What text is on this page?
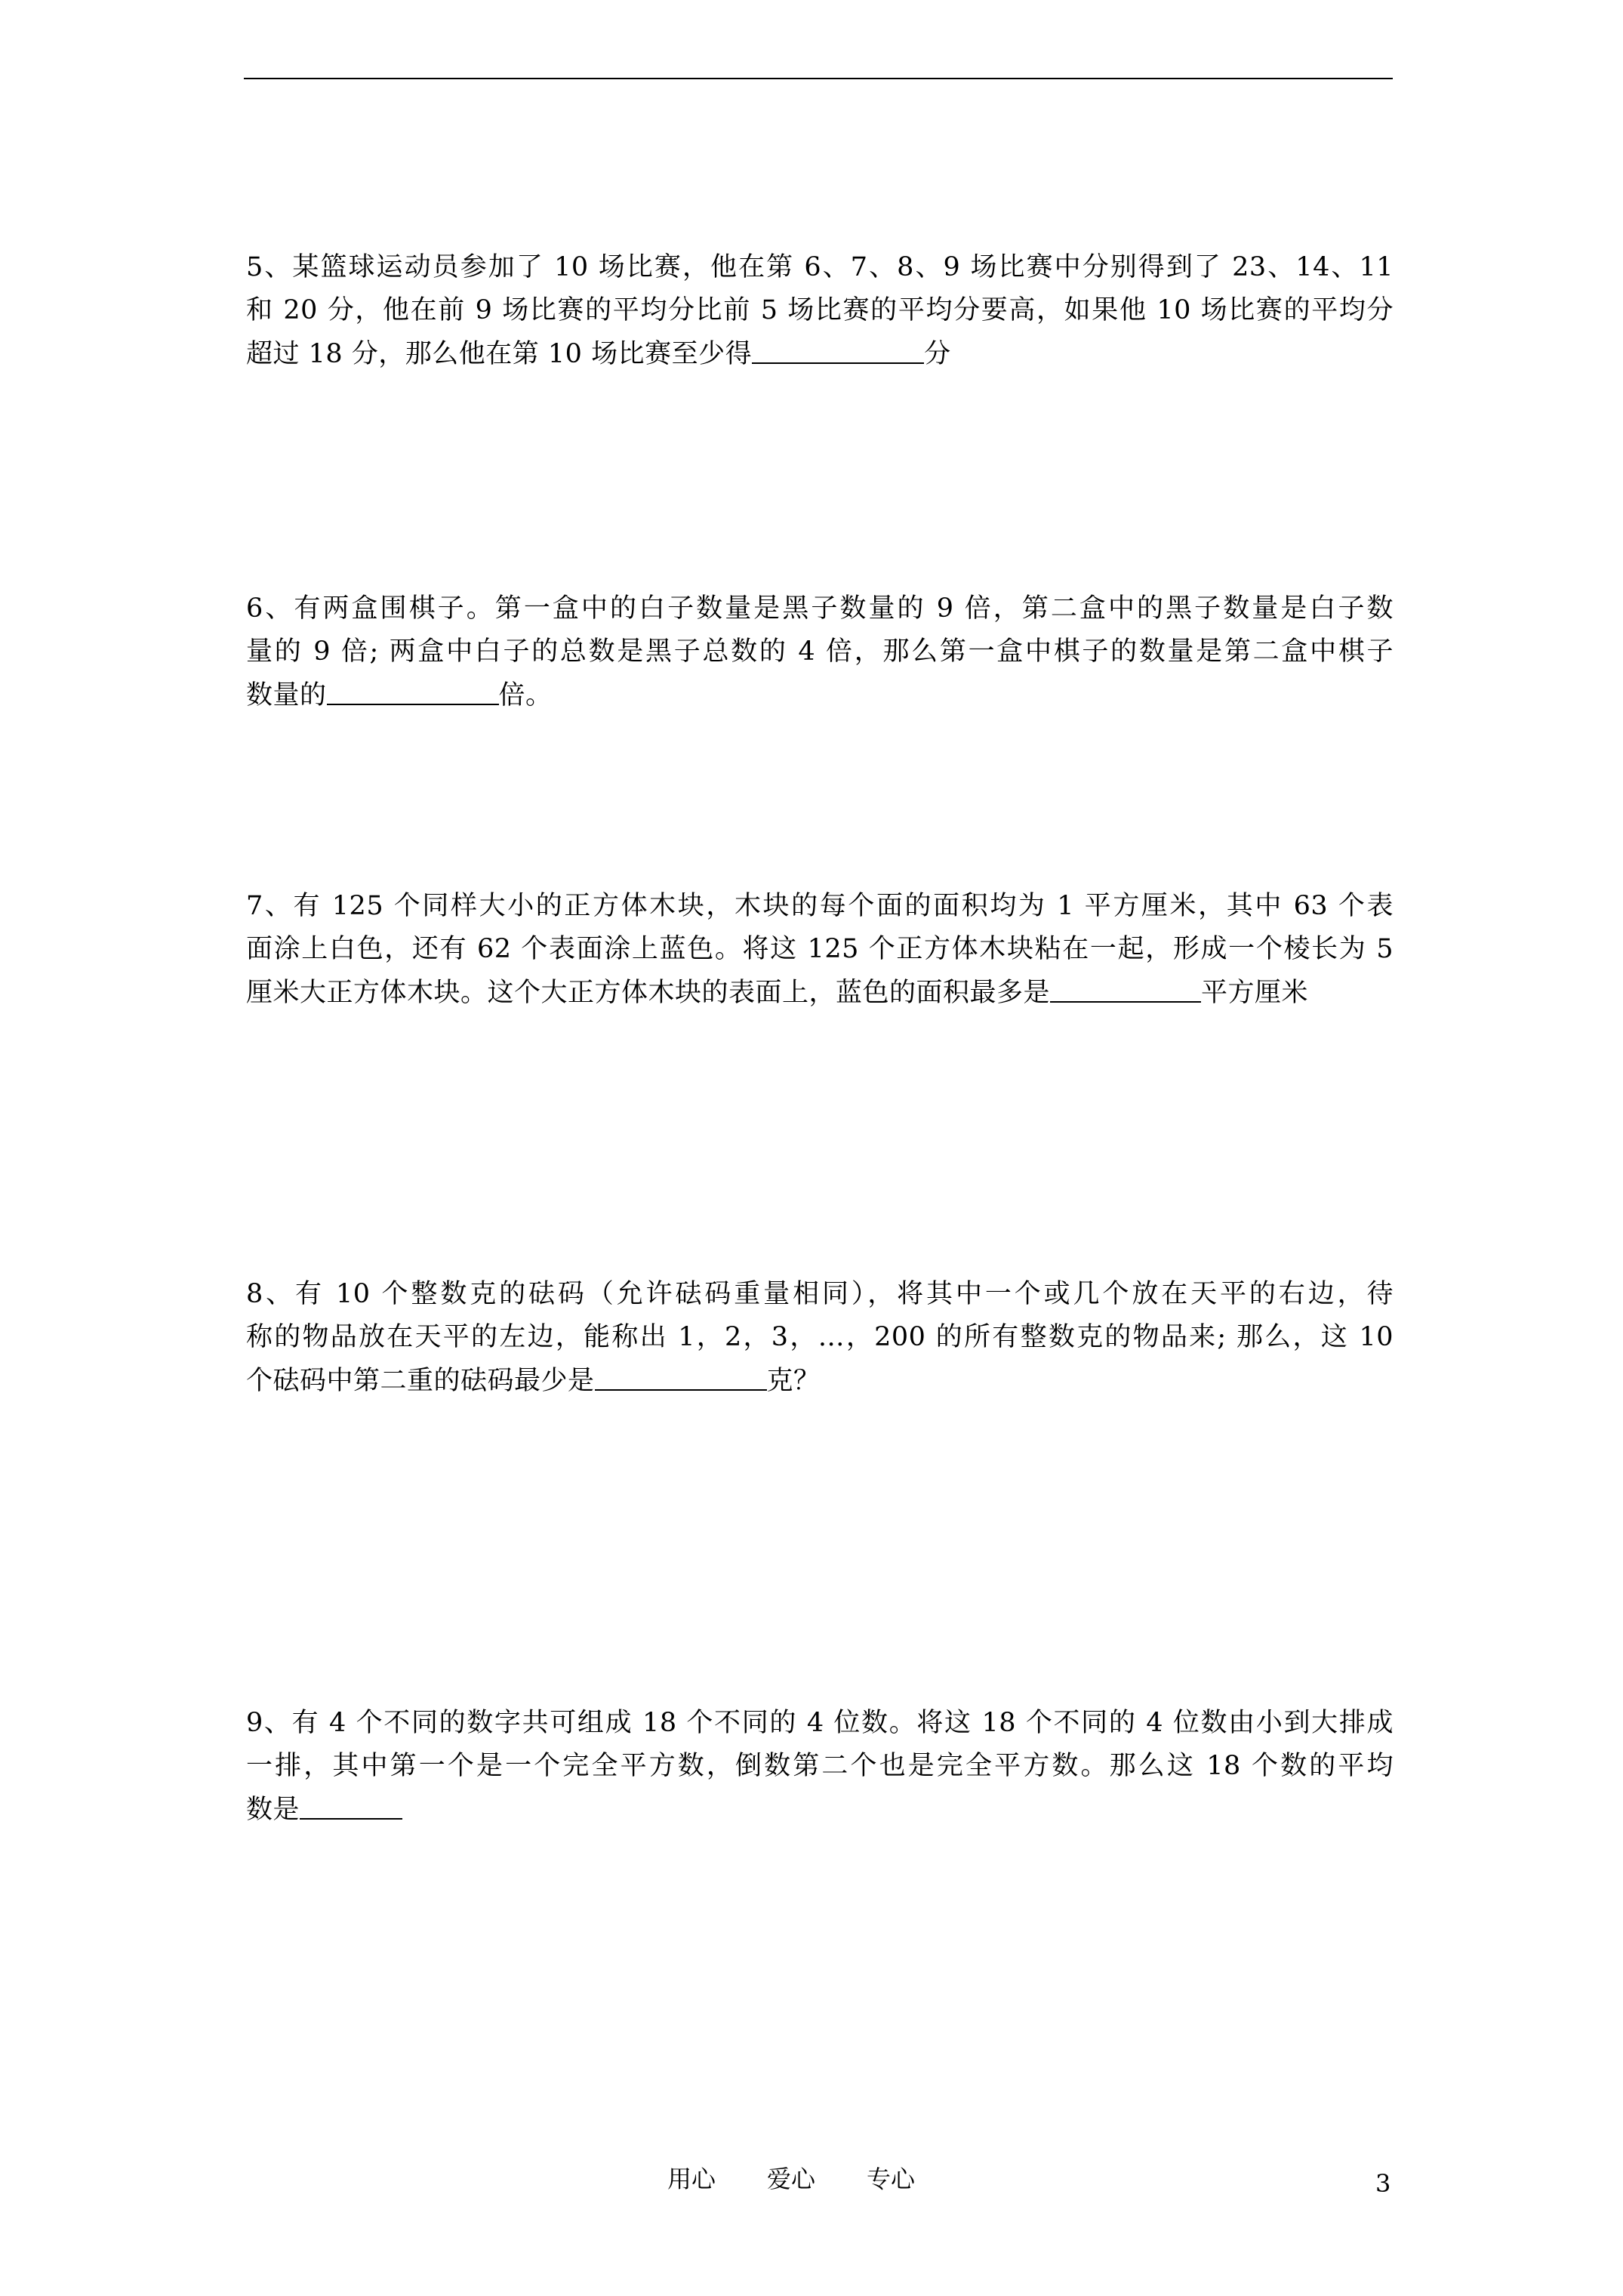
5、某篮球运动员参加了 10 场比赛，他在第 6、7、8、9 场比赛中分别得到了 23、14、11
和 20 分，他在前 9 场比赛的平均分比前 5 场比赛的平均分要高，如果他 10 场比赛的平均分
超过 18 分，那么他在第 10 场比赛至少得	分
6、有两盒围棋子。第一盒中的白子数量是黑子数量的 9 倍，第二盒中的黑子数量是白子数
量的 9 倍; 两盒中白子的总数是黑子总数的 4 倍，那么第一盒中棋子的数量是第二盒中棋子
数量的	倍。
7、有 125 个同样大小的正方体木块，木块的每个面的面积均为 1 平方厘米，其中 63 个表
面涂上白色，还有 62 个表面涂上蓝色。将这 125 个正方体木块粘在一起，形成一个棱长为 5
厘米大正方体木块。这个大正方体木块的表面上，蓝色的面积最多是	平方厘米
8、有 10 个整数克的砝码（允许砝码重量相同），将其中一个或几个放在天平的右边，待
称的物品放在天平的左边，能称出 1，2，3，…，200 的所有整数克的物品来; 那么，这 10
个砝码中第二重的砝码最少是	克？
9、有 4 个不同的数字共可组成 18 个不同的 4 位数。将这 18 个不同的 4 位数由小到大排成
一排，其中第一个是一个完全平方数，倒数第二个也是完全平方数。那么这 18 个数的平均
数是
用心 爱心 专心	3
